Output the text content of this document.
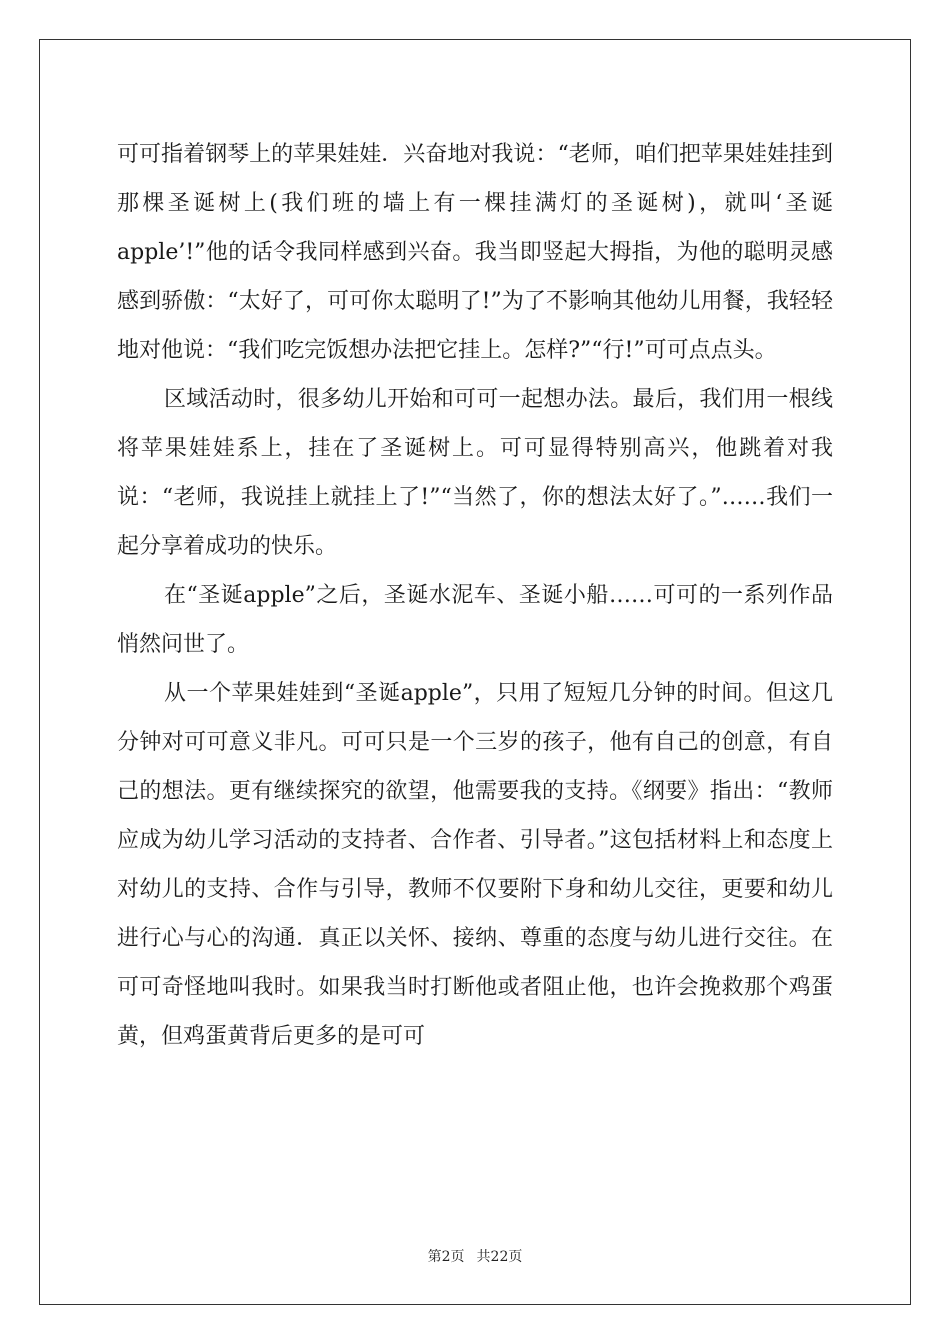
可可指着钢琴上的苹果娃娃．兴奋地对我说：“老师，咱们把苹果娃娃挂到那棵圣诞树上(我们班的墙上有一棵挂满灯的圣诞树)，就叫‘圣诞apple’!”他的话令我同样感到兴奋。我当即竖起大拇指，为他的聪明灵感感到骄傲：“太好了，可可你太聪明了!”为了不影响其他幼儿用餐，我轻轻地对他说：“我们吃完饭想办法把它挂上。怎样?”“行!”可可点点头。

区域活动时，很多幼儿开始和可可一起想办法。最后，我们用一根线将苹果娃娃系上，挂在了圣诞树上。可可显得特别高兴，他跳着对我说：“老师，我说挂上就挂上了!”“当然了，你的想法太好了。”……我们一起分享着成功的快乐。

在“圣诞apple”之后，圣诞水泥车、圣诞小船……可可的一系列作品悄然问世了。

从一个苹果娃娃到“圣诞apple”，只用了短短几分钟的时间。但这几分钟对可可意义非凡。可可只是一个三岁的孩子，他有自己的创意，有自己的想法。更有继续探究的欲望，他需要我的支持。《纲要》指出：“教师应成为幼儿学习活动的支持者、合作者、引导者。”这包括材料上和态度上对幼儿的支持、合作与引导，教师不仅要附下身和幼儿交往，更要和幼儿进行心与心的沟通．真正以关怀、接纳、尊重的态度与幼儿进行交往。在可可奇怪地叫我时。如果我当时打断他或者阻止他，也许会挽救那个鸡蛋黄，但鸡蛋黄背后更多的是可可

第2页 共22页
